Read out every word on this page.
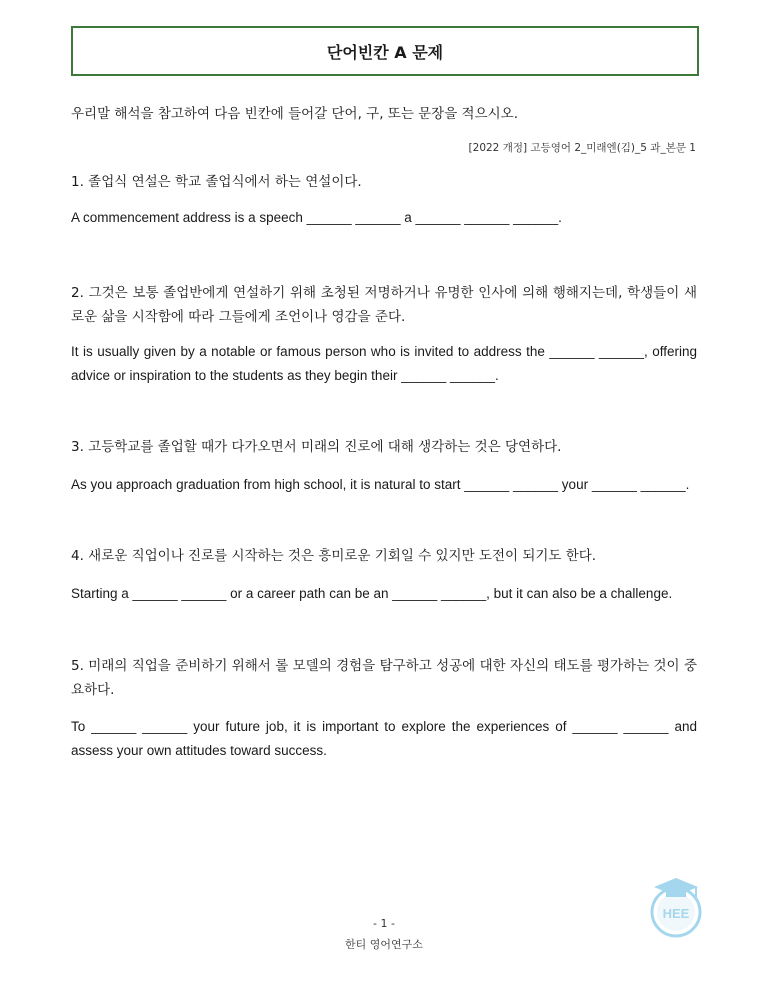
단어빈칸 A 문제
우리말 해석을 참고하여 다음 빈칸에 들어갈 단어, 구, 또는 문장을 적으시오.
[2022 개정] 고등영어 2_미래엔(김)_5 과_본문 1
1. 졸업식 연설은 학교 졸업식에서 하는 연설이다.
A commencement address is a speech ______ ______ a ______ ______ ______.
2. 그것은 보통 졸업반에게 연설하기 위해 초청된 저명하거나 유명한 인사에 의해 행해지는데, 학생들이 새로운 삶을 시작함에 따라 그들에게 조언이나 영감을 준다.
It is usually given by a notable or famous person who is invited to address the ______ ______, offering advice or inspiration to the students as they begin their ______ ______.
3. 고등학교를 졸업할 때가 다가오면서 미래의 진로에 대해 생각하는 것은 당연하다.
As you approach graduation from high school, it is natural to start ______ ______ your ______ ______.
4. 새로운 직업이나 진로를 시작하는 것은 흥미로운 기회일 수 있지만 도전이 되기도 한다.
Starting a ______ ______ or a career path can be an ______ ______, but it can also be a challenge.
5. 미래의 직업을 준비하기 위해서 롤 모델의 경험을 탐구하고 성공에 대한 자신의 태도를 평가하는 것이 중요하다.
To ______ ______ your future job, it is important to explore the experiences of ______ ______ and assess your own attitudes toward success.
- 1 -
한티 영어연구소
HEE
